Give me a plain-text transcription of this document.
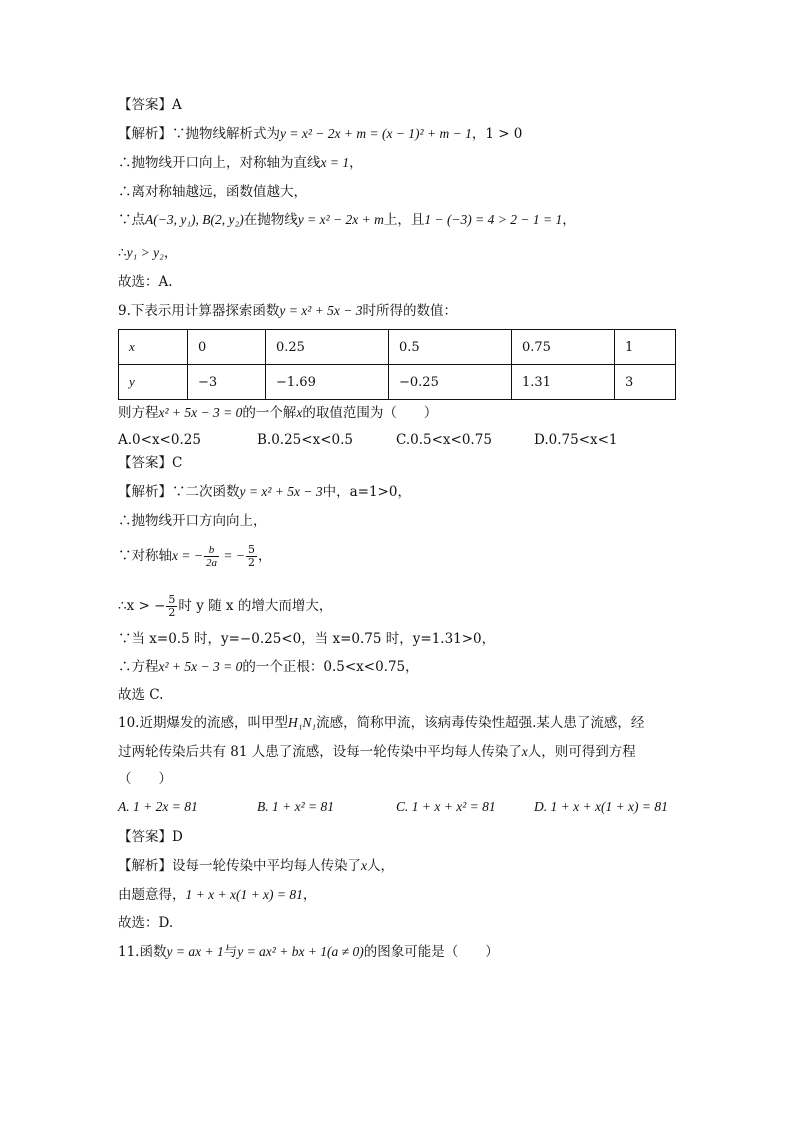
【答案】A
【解析】∵抛物线解析式为y = x² − 2x + m = (x − 1)² + m − 1，1 > 0
∴抛物线开口向上，对称轴为直线x = 1，
∴离对称轴越远，函数值越大，
∵点A(−3, y₁), B(2, y₂)在抛物线y = x² − 2x + m上，且1 − (−3) = 4 > 2 − 1 = 1，
∴y₁ > y₂，
故选：A.
9.下表示用计算器探索函数y = x² + 5x − 3时所得的数值：
x	0	0.25	0.5	0.75	1
y	−3	−1.69	−0.25	1.31	3
则方程x² + 5x − 3 = 0的一个解x的取值范围为（　　）
A.0<x<0.25	B.0.25<x<0.5	C.0.5<x<0.75	D.0.75<x<1
【答案】C
【解析】∵二次函数y = x² + 5x − 3中，a=1>0，
∴抛物线开口方向向上，
∵对称轴x = − $\frac{b}{2a}$ = − $\frac{5}{2}$ ，
∴x > − $\frac{5}{2}$ 时 y 随 x 的增大而增大，
∵当 x=0.5 时，y=−0.25<0，当 x=0.75 时，y=1.31>0，
∴方程x² + 5x − 3 = 0的一个正根：0.5<x<0.75，
故选 C.
10.近期爆发的流感，叫甲型H₁N₁流感，简称甲流，该病毒传染性超强.某人患了流感，经
过两轮传染后共有 81 人患了流感，设每一轮传染中平均每人传染了x人，则可得到方程
（　　）
A. 1 + 2x = 81	B. 1 + x² = 81	C. 1 + x + x² = 81	D. 1 + x + x(1 + x) = 81
【答案】D
【解析】设每一轮传染中平均每人传染了x人，
由题意得，1 + x + x(1 + x) = 81，
故选：D.
11.函数y = ax + 1与y = ax² + bx + 1(a ≠ 0)的图象可能是（　　）
